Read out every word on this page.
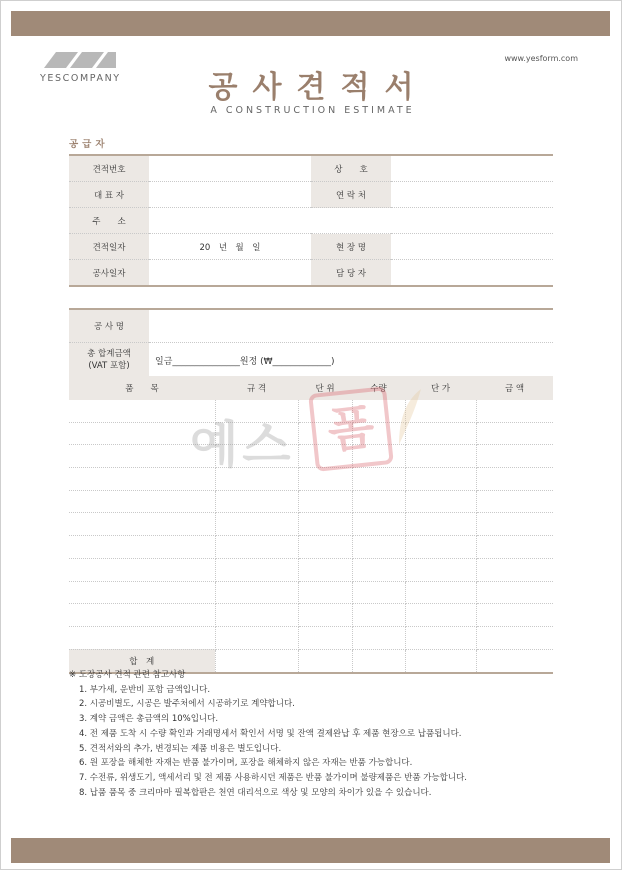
YESCOMPANY
www.yesform.com
공사견적서
A CONSTRUCTION ESTIMATE
공급자
견적번호		상　　호	
대 표 자		연 락 처	
주　　소			
견적일자	20　년　월　일	현 장 명	
공사일자		담 당 자	
공 사 명	
총 합계금액
(VAT 포함)	일금_______________원정 (₩_____________)
품　　목	규 격	단 위	수량	단 가	금 액

합　계					
예스 폼
※ 도장공사 견적 관련 참고사항
1. 부가세, 운반비 포함 금액입니다.
2. 시공비별도, 시공은 발주처에서 시공하기로 계약합니다.
3. 계약 금액은 총금액의 10%입니다.
4. 전 제품 도착 시 수량 확인과 거래명세서 확인서 서명 및 잔액 결제완납 후 제품 현장으로 납품됩니다.
5. 견적서와의 추가, 변경되는 제품 비용은 별도입니다.
6. 원 포장을 해체한 자재는 반품 불가이며, 포장을 해체하지 않은 자재는 반품 가능합니다.
7. 수전류, 위생도기, 액세서리 및 전 제품 사용하시던 제품은 반품 불가이며 불량제품은 반품 가능합니다.
8. 납품 품목 중 크리마마 필복합판은 천연 대리석으로 색상 및 모양의 차이가 있을 수 있습니다.
